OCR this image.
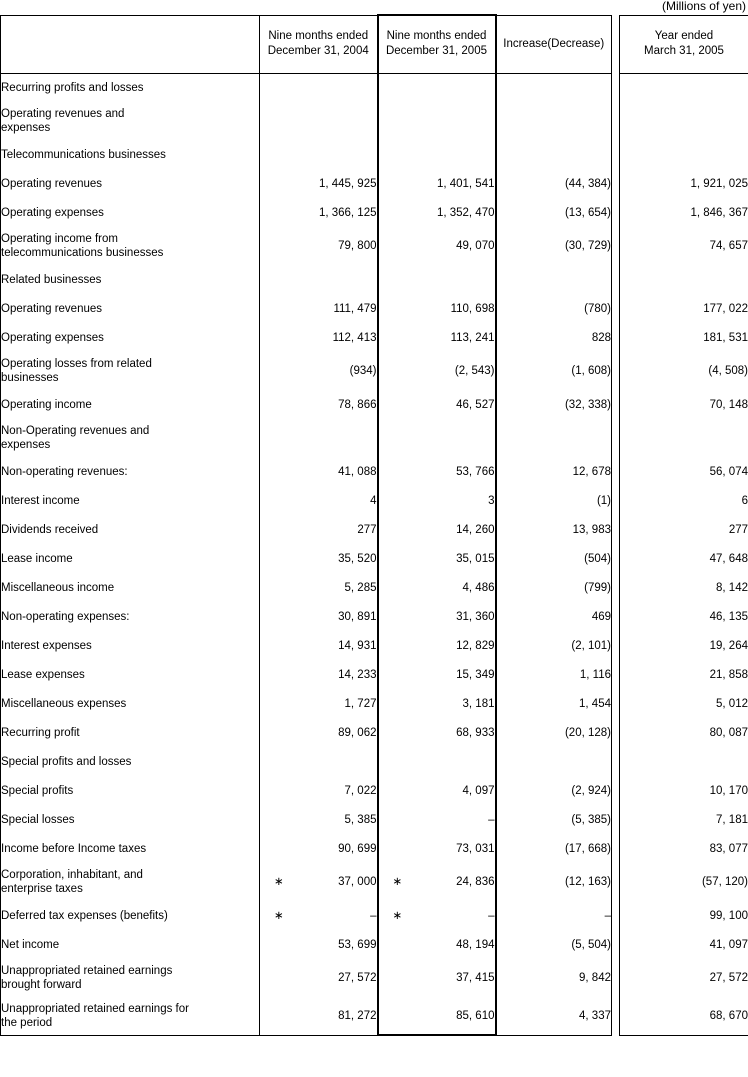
(Millions of yen)

Nine months ended
December 31, 2004

Nine months ended
December 31, 2005

Increase(Decrease)

Year ended
March 31, 2005

Recurring profits and losses					

Operating revenues and
expenses					

Telecommunications businesses					

Operating revenues	1, 445, 925	1, 401, 541	(44, 384)		1, 921, 025

Operating expenses	1, 366, 125	1, 352, 470	(13, 654)		1, 846, 367

Operating income from
telecommunications businesses	79, 800	49, 070	(30, 729)		74, 657

Related businesses					

Operating revenues	111, 479	110, 698	(780)		177, 022

Operating expenses	112, 413	113, 241	828		181, 531

Operating losses from related
businesses	(934)	(2, 543)	(1, 608)		(4, 508)

Operating income	78, 866	46, 527	(32, 338)		70, 148

Non-Operating revenues and
expenses					

Non-operating revenues:	41, 088	53, 766	12, 678		56, 074

Interest income	4	3	(1)		6

Dividends received	277	14, 260	13, 983		277

Lease income	35, 520	35, 015	(504)		47, 648

Miscellaneous income	5, 285	4, 486	(799)		8, 142

Non-operating expenses:	30, 891	31, 360	469		46, 135

Interest expenses	14, 931	12, 829	(2, 101)		19, 264

Lease expenses	14, 233	15, 349	1, 116		21, 858

Miscellaneous expenses	1, 727	3, 181	1, 454		5, 012

Recurring profit	89, 062	68, 933	(20, 128)		80, 087

Special profits and losses					

Special profits	7, 022	4, 097	(2, 924)		10, 170

Special losses	5, 385	–	(5, 385)		7, 181

Income before Income taxes	90, 699	73, 031	(17, 668)		83, 077

Corporation, inhabitant, and
enterprise taxes

∗	37, 000	∗	24, 836	(12, 163)		(57, 120)

Deferred tax expenses (benefits)	∗ –	∗ –	–		99, 100

Net income	53, 699	48, 194	(5, 504)		41, 097

Unappropriated retained earnings
brought forward	27, 572	37, 415	9, 842		27, 572

Unappropriated retained earnings for
the period	81, 272	85, 610	4, 337		68, 670
